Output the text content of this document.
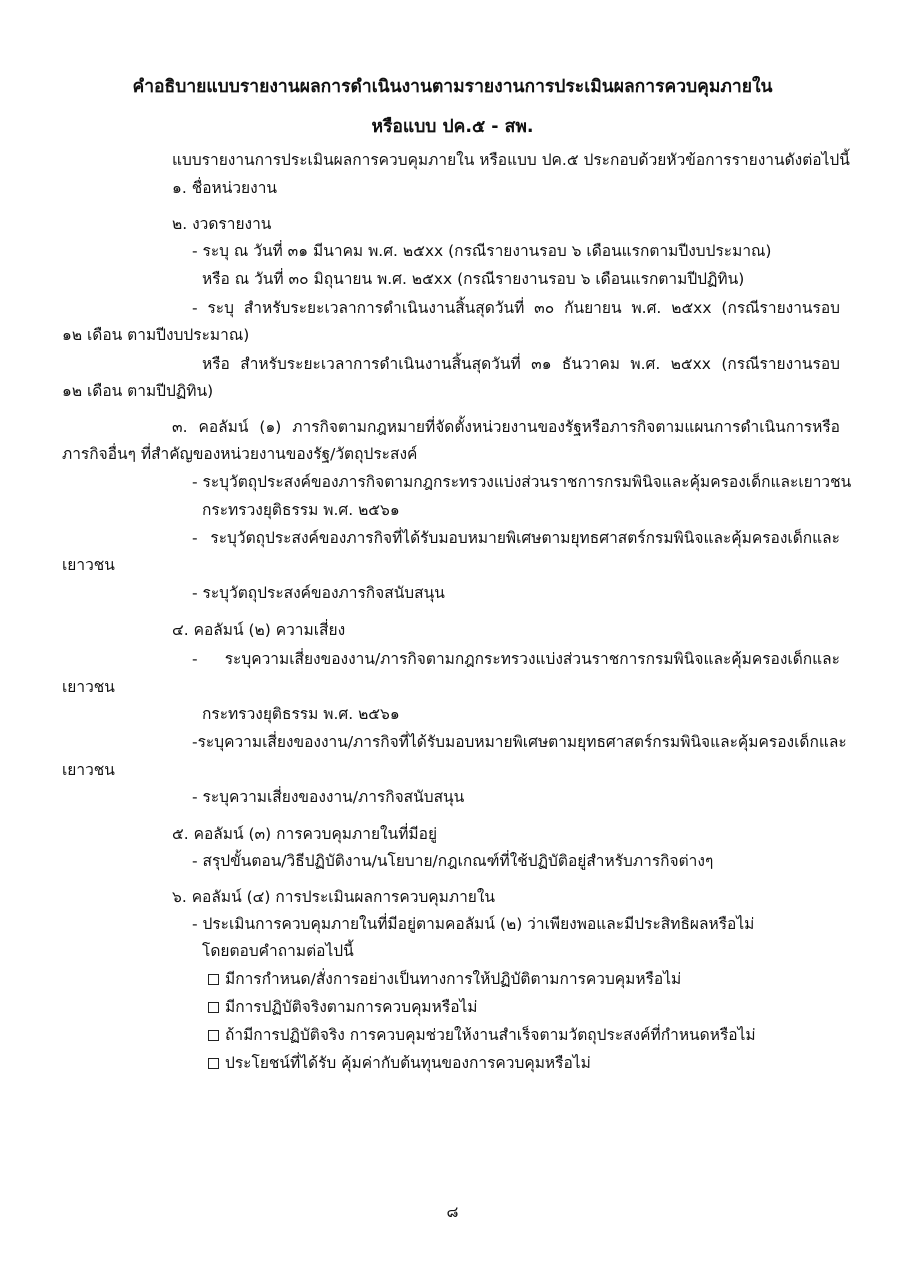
คำอธิบายแบบรายงานผลการดำเนินงานตามรายงานการประเมินผลการควบคุมภายใน
หรือแบบ ปค.๕ - สพ.
แบบรายงานการประเมินผลการควบคุมภายใน หรือแบบ ปค.๕ ประกอบด้วยหัวข้อการรายงานดังต่อไปนี้
๑. ชื่อหน่วยงาน
๒. งวดรายงาน
- ระบุ ณ วันที่ ๓๑ มีนาคม พ.ศ. ๒๕xx (กรณีรายงานรอบ ๖ เดือนแรกตามปีงบประมาณ)
หรือ ณ วันที่ ๓๐ มิถุนายน พ.ศ. ๒๕xx (กรณีรายงานรอบ ๖ เดือนแรกตามปีปฏิทิน)
- ระบุ สำหรับระยะเวลาการดำเนินงานสิ้นสุดวันที่ ๓๐ กันยายน พ.ศ. ๒๕xx (กรณีรายงานรอบ
๑๒ เดือน ตามปีงบประมาณ)
หรือ สำหรับระยะเวลาการดำเนินงานสิ้นสุดวันที่ ๓๑ ธันวาคม พ.ศ. ๒๕xx (กรณีรายงานรอบ
๑๒ เดือน ตามปีปฏิทิน)
๓. คอลัมน์ (๑) ภารกิจตามกฎหมายที่จัดตั้งหน่วยงานของรัฐหรือภารกิจตามแผนการดำเนินการหรือ
ภารกิจอื่นๆ ที่สำคัญของหน่วยงานของรัฐ/วัตถุประสงค์
- ระบุวัตถุประสงค์ของภารกิจตามกฎกระทรวงแบ่งส่วนราชการกรมพินิจและคุ้มครองเด็กและเยาวชน
กระทรวงยุติธรรม พ.ศ. ๒๕๖๑
- ระบุวัตถุประสงค์ของภารกิจที่ได้รับมอบหมายพิเศษตามยุทธศาสตร์กรมพินิจและคุ้มครองเด็กและ
เยาวชน
- ระบุวัตถุประสงค์ของภารกิจสนับสนุน
๔. คอลัมน์ (๒) ความเสี่ยง
-	ระบุความเสี่ยงของงาน/ภารกิจตามกฎกระทรวงแบ่งส่วนราชการกรมพินิจและคุ้มครองเด็กและ
เยาวชน
กระทรวงยุติธรรม พ.ศ. ๒๕๖๑
- ระบุความเสี่ยงของงาน/ภารกิจที่ได้รับมอบหมายพิเศษตามยุทธศาสตร์กรมพินิจและคุ้มครองเด็กและ
เยาวชน
- ระบุความเสี่ยงของงาน/ภารกิจสนับสนุน
๕. คอลัมน์ (๓) การควบคุมภายในที่มีอยู่
- สรุปขั้นตอน/วิธีปฏิบัติงาน/นโยบาย/กฎเกณฑ์ที่ใช้ปฏิบัติอยู่สำหรับภารกิจต่างๆ
๖. คอลัมน์ (๔) การประเมินผลการควบคุมภายใน
- ประเมินการควบคุมภายในที่มีอยู่ตามคอลัมน์ (๒) ว่าเพียงพอและมีประสิทธิผลหรือไม่
โดยตอบคำถามต่อไปนี้
มีการกำหนด/สั่งการอย่างเป็นทางการให้ปฏิบัติตามการควบคุมหรือไม่
มีการปฏิบัติจริงตามการควบคุมหรือไม่
ถ้ามีการปฏิบัติจริง การควบคุมช่วยให้งานสำเร็จตามวัตถุประสงค์ที่กำหนดหรือไม่
ประโยชน์ที่ได้รับ คุ้มค่ากับต้นทุนของการควบคุมหรือไม่
๘
